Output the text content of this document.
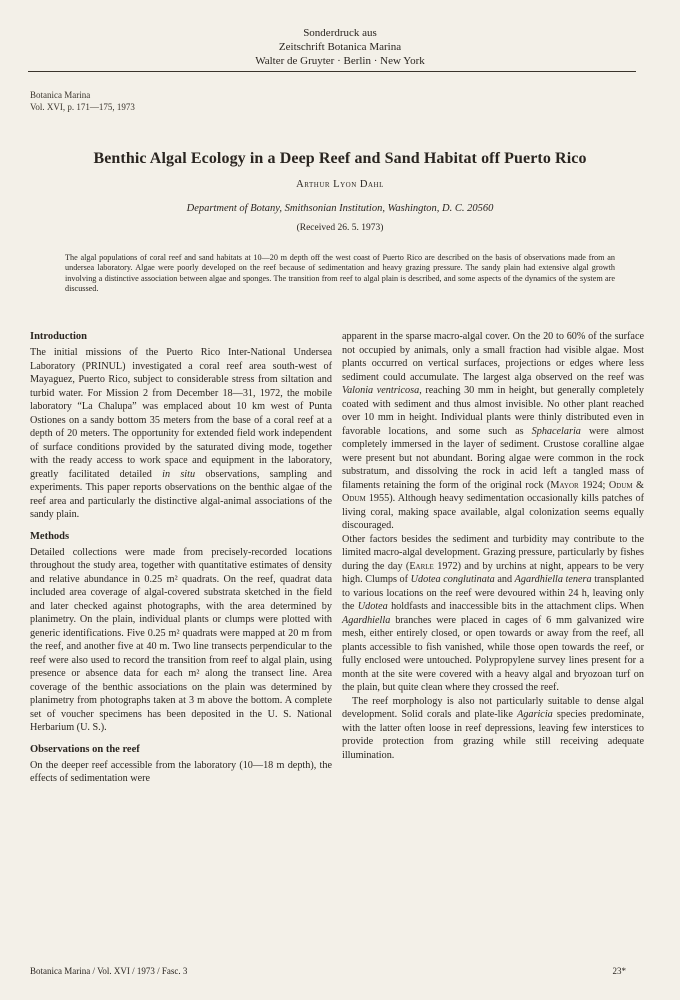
Sonderdruck aus
Zeitschrift Botanica Marina
Walter de Gruyter · Berlin · New York
Botanica Marina
Vol. XVI, p. 171—175, 1973
Benthic Algal Ecology in a Deep Reef and Sand Habitat off Puerto Rico
Arthur Lyon Dahl
Department of Botany, Smithsonian Institution, Washington, D. C. 20560
(Received 26. 5. 1973)
The algal populations of coral reef and sand habitats at 10—20 m depth off the west coast of Puerto Rico are described on the basis of observations made from an undersea laboratory. Algae were poorly developed on the reef because of sedimentation and heavy grazing pressure. The sandy plain had extensive algal growth involving a distinctive association between algae and sponges. The transition from reef to algal plain is described, and some aspects of the dynamics of the system are discussed.
Introduction

The initial missions of the Puerto Rico Inter-National Undersea Laboratory (PRINUL) investigated a coral reef area south-west of Mayaguez, Puerto Rico, subject to considerable stress from siltation and turbid water. For Mission 2 from December 18—31, 1972, the mobile laboratory “La Chalupa” was emplaced about 10 km west of Punta Ostiones on a sandy bottom 35 meters from the base of a coral reef at a depth of 20 meters. The opportunity for extended field work independent of surface conditions provided by the saturated diving mode, together with the ready access to work space and equipment in the laboratory, greatly facilitated detailed in situ observations, sampling and experiments. This paper reports observations on the benthic algae of the reef area and particularly the distinctive algal-animal associations of the sandy plain.

Methods

Detailed collections were made from precisely-recorded locations throughout the study area, together with quantitative estimates of density and relative abundance in 0.25 m² quadrats. On the reef, quadrat data included area coverage of algal-covered substrata sketched in the field and later checked against photographs, with the area determined by planimetry. On the plain, individual plants or clumps were plotted with generic identifications. Five 0.25 m² quadrats were mapped at 20 m from the reef, and another five at 40 m. Two line transects perpendicular to the reef were also used to record the transition from reef to algal plain, using presence or absence data for each m² along the transect line. Area coverage of the benthic associations on the plain was determined by planimetry from photographs taken at 3 m above the bottom. A complete set of voucher specimens has been deposited in the U. S. National Herbarium (U. S.).

Observations on the reef

On the deeper reef accessible from the laboratory (10—18 m depth), the effects of sedimentation were

apparent in the sparse macro-algal cover. On the 20 to 60% of the surface not occupied by animals, only a small fraction had visible algae. Most plants occurred on vertical surfaces, projections or edges where less sediment could accumulate. The largest alga observed on the reef was Valonia ventricosa, reaching 30 mm in height, but generally completely coated with sediment and thus almost invisible. No other plant reached over 10 mm in height. Individual plants were thinly distributed even in favorable locations, and some such as Sphacelaria were almost completely immersed in the layer of sediment. Crustose coralline algae were present but not abundant. Boring algae were common in the rock substratum, and dissolving the rock in acid left a tangled mass of filaments retaining the form of the original rock (Mayor 1924; Odum & Odum 1955). Although heavy sedimentation occasionally kills patches of living coral, making space available, algal colonization seems equally discouraged.

Other factors besides the sediment and turbidity may contribute to the limited macro-algal development. Grazing pressure, particularly by fishes during the day (Earle 1972) and by urchins at night, appears to be very high. Clumps of Udotea conglutinata and Agardhiella tenera transplanted to various locations on the reef were devoured within 24 h, leaving only the Udotea holdfasts and inaccessible bits in the attachment clips. When Agardhiella branches were placed in cages of 6 mm galvanized wire mesh, either entirely closed, or open towards or away from the reef, all plants accessible to fish vanished, while those open towards the reef, or fully enclosed were untouched. Polypropylene survey lines present for a month at the site were covered with a heavy algal and bryozoan turf on the plain, but quite clean where they crossed the reef.

The reef morphology is also not particularly suitable to dense algal development. Solid corals and plate-like Agaricia species predominate, with the latter often loose in reef depressions, leaving few interstices to provide protection from grazing while still receiving adequate illumination.

Botanica Marina / Vol. XVI / 1973 / Fasc. 3	23*
